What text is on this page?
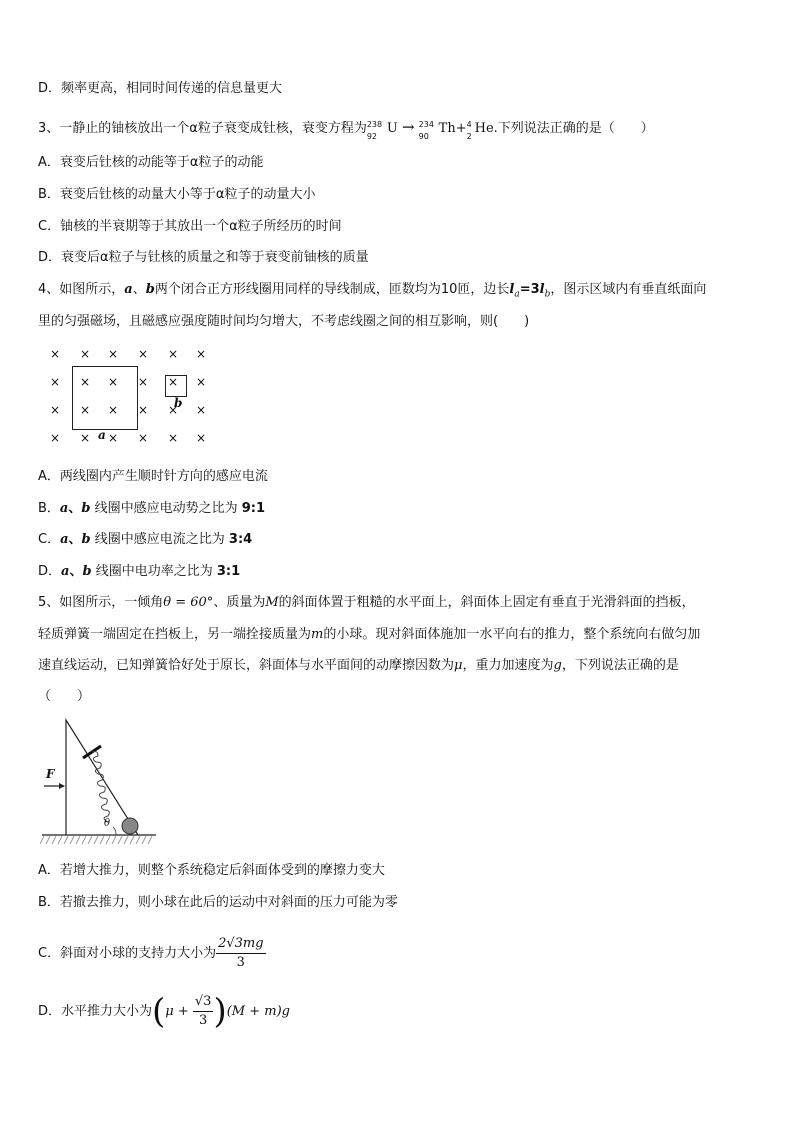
D．频率更高，相同时间传递的信息量更大
3、一静止的铀核放出一个α粒子衰变成钍核，衰变方程为 238
92 U → 234
90 Th+ 4
2 He.下列说法正确的是（　　）
A．衰变后钍核的动能等于α粒子的动能
B．衰变后钍核的动量大小等于α粒子的动量大小
C．铀核的半衰期等于其放出一个α粒子所经历的时间
D．衰变后α粒子与钍核的质量之和等于衰变前铀核的质量
4、如图所示，a、b两个闭合正方形线圈用同样的导线制成，匝数均为10匝，边长$l_a=3l_b$，图示区域内有垂直纸面向
里的匀强磁场，且磁感应强度随时间均匀增大，不考虑线圈之间的相互影响，则(　　)
× × × × × ×
× × × × × ×
× × × × × ×
× × × × × ×
a
b
A．两线圈内产生顺时针方向的感应电流
B．a、b 线圈中感应电动势之比为 9:1
C．a、b 线圈中感应电流之比为 3:4
D．a、b 线圈中电功率之比为 3:1
5、如图所示，一倾角θ = 60°、质量为M的斜面体置于粗糙的水平面上，斜面体上固定有垂直于光滑斜面的挡板，
轻质弹簧一端固定在挡板上，另一端拴接质量为m的小球。现对斜面体施加一水平向右的推力，整个系统向右做匀加
速直线运动，已知弹簧恰好处于原长，斜面体与水平面间的动摩擦因数为μ，重力加速度为g，下列说法正确的是
（　　）
F
θ
A．若增大推力，则整个系统稳定后斜面体受到的摩擦力变大
B．若撤去推力，则小球在此后的运动中对斜面的压力可能为零
C．斜面对小球的支持力大小为 $\frac{2√3mg}{3}$
D．水平推力大小为$(\mu + \frac{√3}{3} )(M + m)g$
